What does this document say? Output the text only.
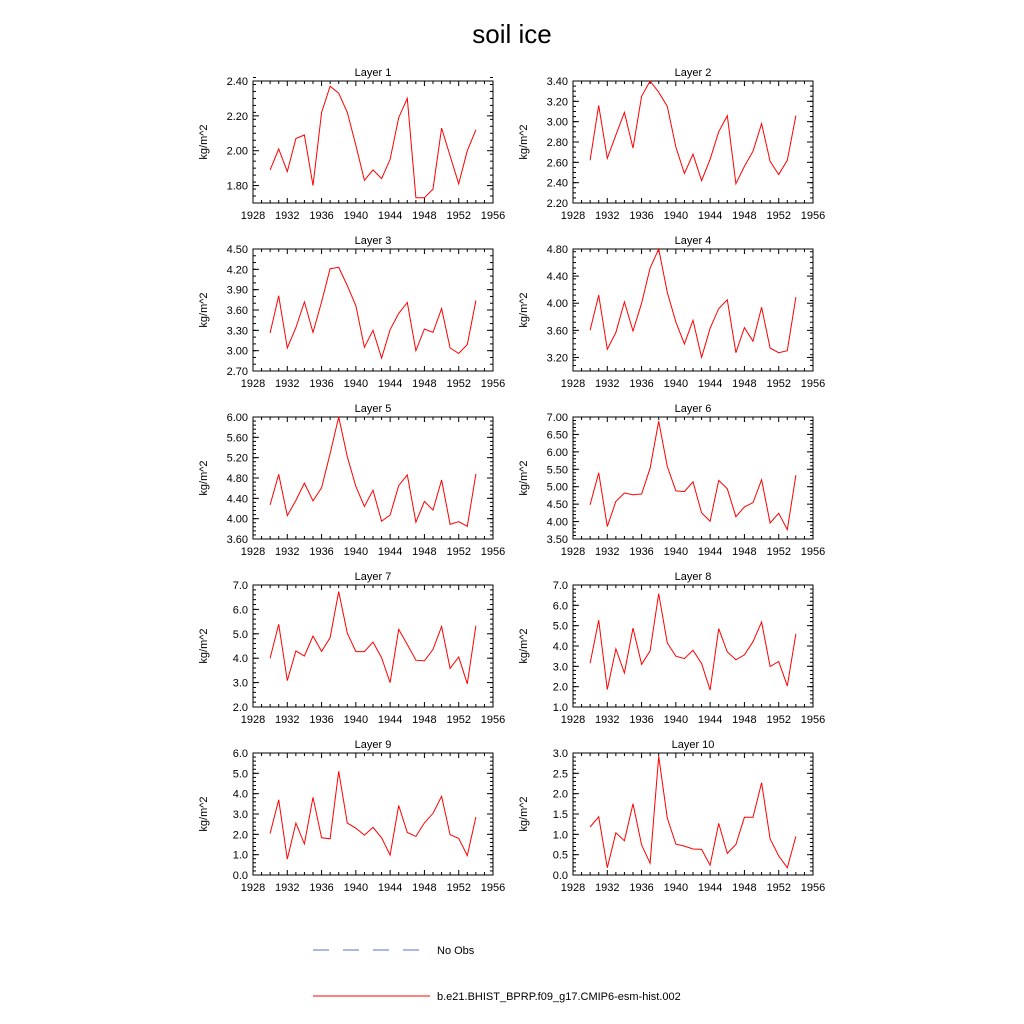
soil ice
Layer 1
1928 1932 1936 1940 1944 1948 1952 1956
1.80
2.00
2.20
2.40
kg/m^2
Layer 2
1928 1932 1936 1940 1944 1948 1952 1956
2.20
2.40
2.60
2.80
3.00
3.20
3.40
kg/m^2
Layer 3
1928 1932 1936 1940 1944 1948 1952 1956
2.70
3.00
3.30
3.60
3.90
4.20
4.50
kg/m^2
Layer 4
1928 1932 1936 1940 1944 1948 1952 1956
3.20
3.60
4.00
4.40
4.80
kg/m^2
Layer 5
1928 1932 1936 1940 1944 1948 1952 1956
3.60
4.00
4.40
4.80
5.20
5.60
6.00
kg/m^2
Layer 6
1928 1932 1936 1940 1944 1948 1952 1956
3.50
4.00
4.50
5.00
5.50
6.00
6.50
7.00
kg/m^2
Layer 7
1928 1932 1936 1940 1944 1948 1952 1956
2.0
3.0
4.0
5.0
6.0
7.0
kg/m^2
Layer 8
1928 1932 1936 1940 1944 1948 1952 1956
1.0
2.0
3.0
4.0
5.0
6.0
7.0
kg/m^2
Layer 9
1928 1932 1936 1940 1944 1948 1952 1956
0.0
1.0
2.0
3.0
4.0
5.0
6.0
kg/m^2
Layer 10
1928 1932 1936 1940 1944 1948 1952 1956
0.0
0.5
1.0
1.5
2.0
2.5
3.0
kg/m^2
No Obs
b.e21.BHIST_BPRP.f09_g17.CMIP6-esm-hist.002
